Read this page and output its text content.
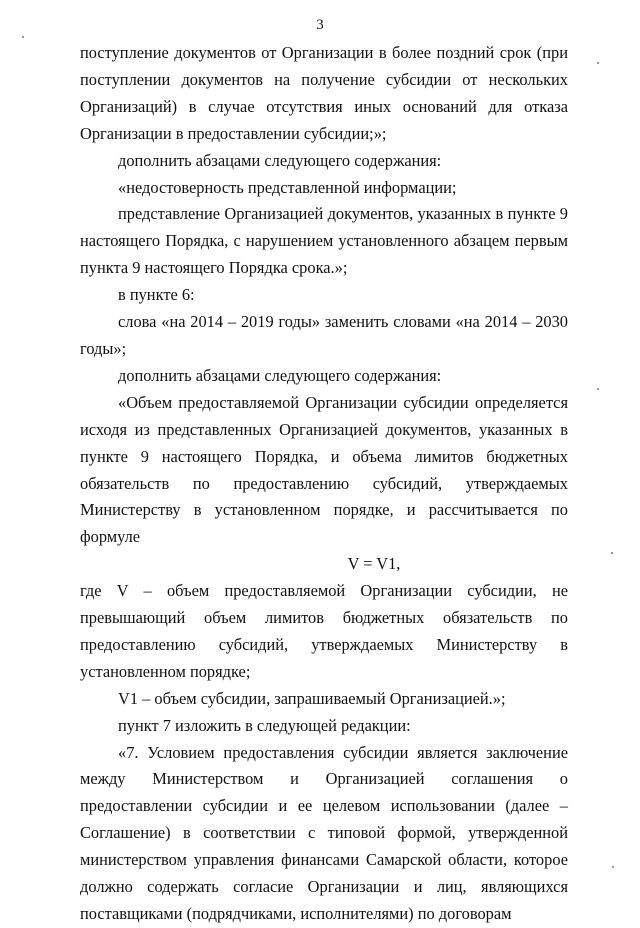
3

поступление документов от Организации в более поздний срок (при поступлении документов на получение субсидии от нескольких Организаций) в случае отсутствия иных оснований для отказа Организации в предоставлении субсидии;»;

дополнить абзацами следующего содержания:

«недостоверность представленной информации;

представление Организацией документов, указанных в пункте 9 настоящего Порядка, с нарушением установленного абзацем первым пункта 9 настоящего Порядка срока.»;

в пункте 6:

слова «на 2014 – 2019 годы» заменить словами «на 2014 – 2030 годы»;

дополнить абзацами следующего содержания:

«Объем предоставляемой Организации субсидии определяется исходя из представленных Организацией документов, указанных в пункте 9 настоящего Порядка, и объема лимитов бюджетных обязательств по предоставлению субсидий, утверждаемых Министерству в установленном порядке, и рассчитывается по формуле

V = V1,

где V – объем предоставляемой Организации субсидии, не превышающий объем лимитов бюджетных обязательств по предоставлению субсидий, утверждаемых Министерству в установленном порядке;

V1 – объем субсидии, запрашиваемый Организацией.»;

пункт 7 изложить в следующей редакции:

«7. Условием предоставления субсидии является заключение между Министерством и Организацией соглашения о предоставлении субсидии и ее целевом использовании (далее – Соглашение) в соответствии с типовой формой, утвержденной министерством управления финансами Самарской области, которое должно содержать согласие Организации и лиц, являющихся поставщиками (подрядчиками, исполнителями) по договорам
